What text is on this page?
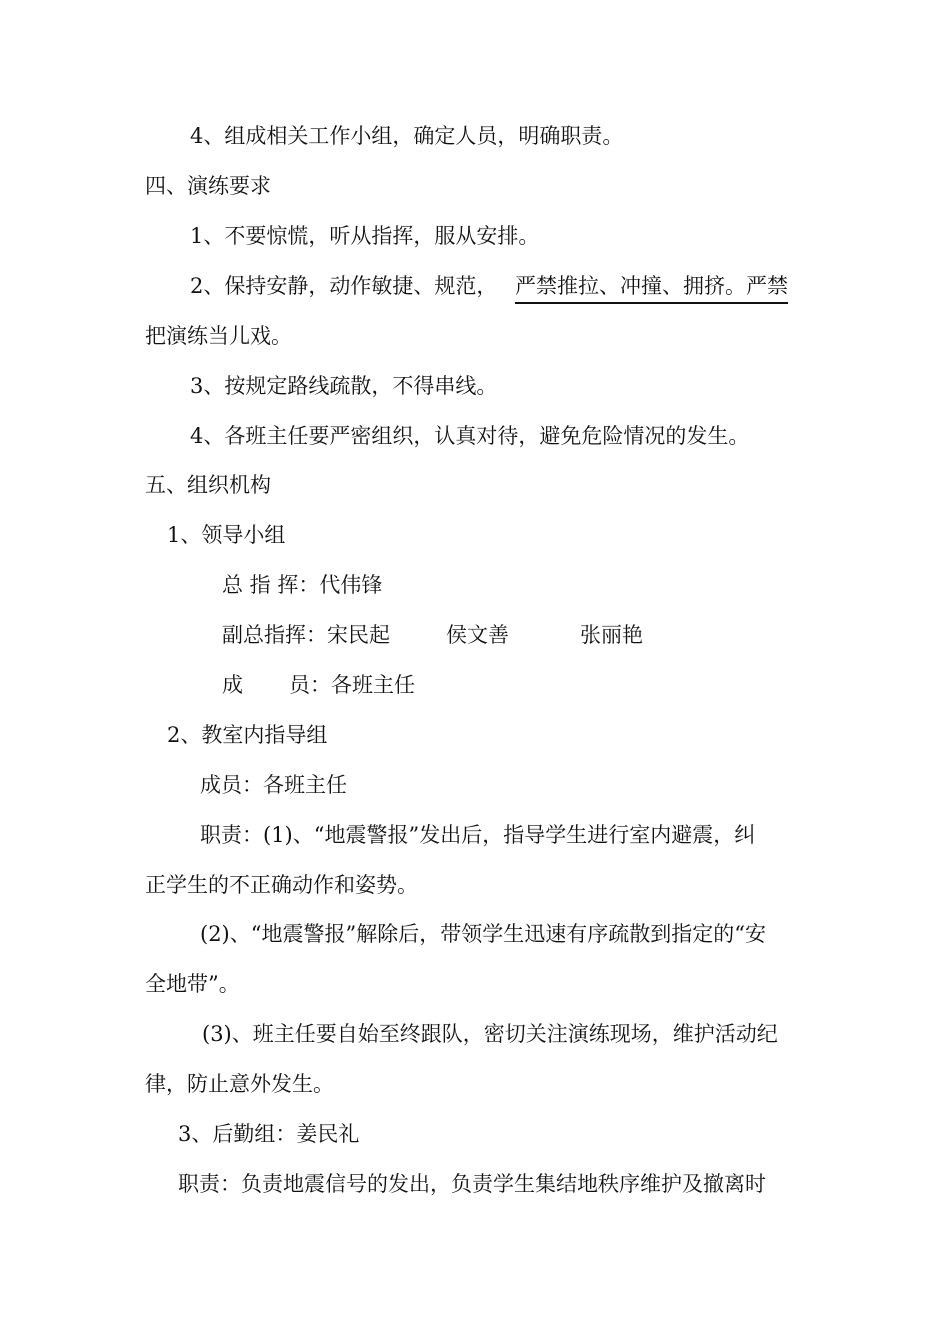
4、组成相关工作小组，确定人员，明确职责。
四、演练要求
1、不要惊慌，听从指挥，服从安排。
2、保持安静，动作敏捷、规范， 严禁推拉、冲撞、拥挤。严禁
把演练当儿戏。
3、按规定路线疏散，不得串线。
4、各班主任要严密组织，认真对待，避免危险情况的发生。
五、组织机构
1、领导小组
总 指 挥：代伟锋
副总指挥：宋民起	侯文善	张丽艳
成 员：各班主任
2、教室内指导组
成员：各班主任
职责：(1)、“地震警报”发出后，指导学生进行室内避震，纠
正学生的不正确动作和姿势。
(2)、“地震警报”解除后，带领学生迅速有序疏散到指定的“安
全地带”。
(3)、班主任要自始至终跟队，密切关注演练现场，维护活动纪
律，防止意外发生。
3、后勤组：姜民礼
职责：负责地震信号的发出，负责学生集结地秩序维护及撤离时
